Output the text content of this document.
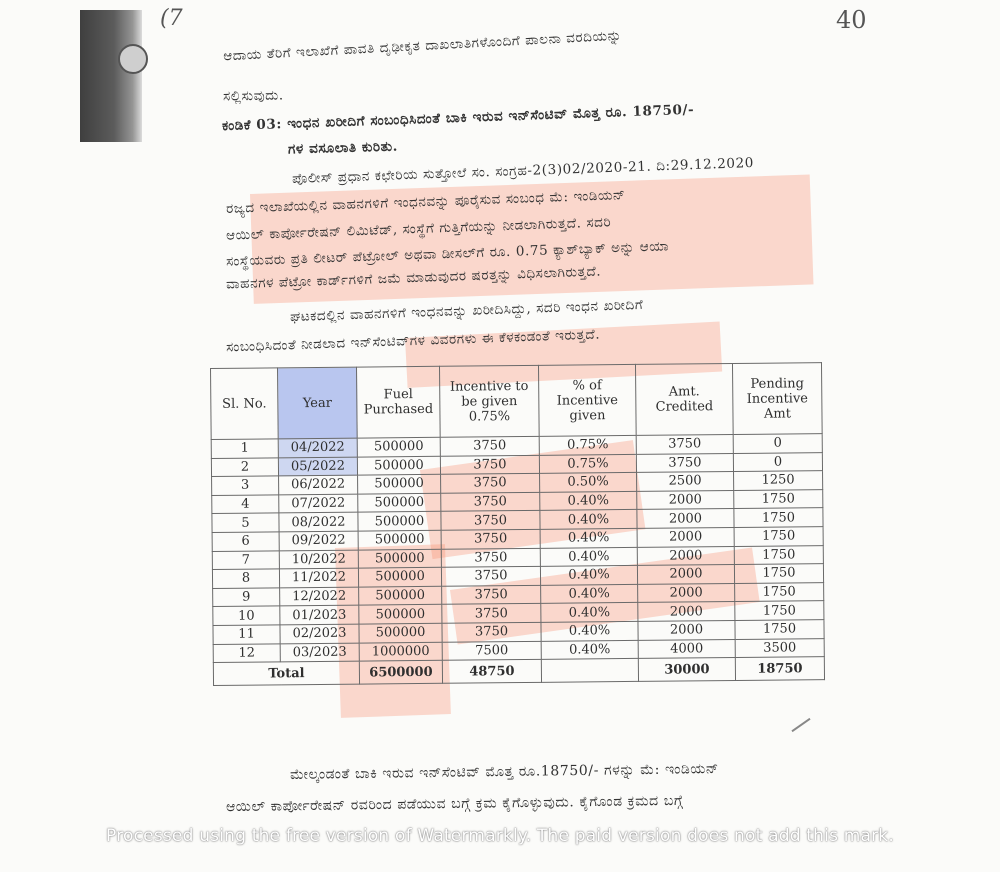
(7	40
ಆದಾಯ ತೆರಿಗೆ ಇಲಾಖೆಗೆ ಪಾವತಿ ದೃಢೀಕೃತ ದಾಖಲಾತಿಗಳೊಂದಿಗೆ ಪಾಲನಾ ವರದಿಯನ್ನು
ಸಲ್ಲಿಸುವುದು.
ಕಂಡಿಕೆ 03: ಇಂಧನ ಖರೀದಿಗೆ ಸಂಬಂಧಿಸಿದಂತೆ ಬಾಕಿ ಇರುವ ಇನ್‌ಸೆಂಟಿವ್ ಮೊತ್ತ ರೂ. 18750/-
ಗಳ ವಸೂಲಾತಿ ಕುರಿತು.
ಪೊಲೀಸ್ ಪ್ರಧಾನ ಕಛೇರಿಯ ಸುತ್ತೋಲೆ ಸಂ. ಸಂಗ್ರಹ-2(3)02/2020-21. ದಿ:29.12.2020
ರಜ್ಯದ ಇಲಾಖೆಯಲ್ಲಿನ ವಾಹನಗಳಿಗೆ ಇಂಧನವನ್ನು ಪೂರೈಸುವ ಸಂಬಂಧ ಮೆ: ಇಂಡಿಯನ್
ಆಯಿಲ್ ಕಾರ್ಪೋರೇಷನ್ ಲಿಮಿಟೆಡ್, ಸಂಸ್ಥೆಗೆ ಗುತ್ತಿಗೆಯನ್ನು ನೀಡಲಾಗಿರುತ್ತದೆ. ಸದರಿ
ಸಂಸ್ಥೆಯವರು ಪ್ರತಿ ಲೀಟರ್ ಪೆಟ್ರೋಲ್ ಅಥವಾ ಡೀಸಲ್‌ಗೆ ರೂ. 0.75 ಕ್ಯಾಶ್‌ಬ್ಯಾಕ್ ಅನ್ನು ಆಯಾ
ವಾಹನಗಳ ಪೆಟ್ರೋ ಕಾರ್ಡ್‌ಗಳಿಗೆ ಜಮೆ ಮಾಡುವುದರ ಷರತ್ತನ್ನು ವಿಧಿಸಲಾಗಿರುತ್ತದೆ.
ಘಟಕದಲ್ಲಿನ ವಾಹನಗಳಿಗೆ ಇಂಧನವನ್ನು ಖರೀದಿಸಿದ್ದು, ಸದರಿ ಇಂಧನ ಖರೀದಿಗೆ
ಸಂಬಂಧಿಸಿದಂತೆ ನೀಡಲಾದ ಇನ್‌ಸೆಂಟಿವ್‌ಗಳ ವಿವರಗಳು ಈ ಕೆಳಕಂಡಂತೆ ಇರುತ್ತದೆ.
Sl. No.	Year	Fuel Purchased	Incentive to be given 0.75%	% of Incentive given	Amt. Credited	Pending Incentive Amt
1	04/2022	500000	3750	0.75%	3750	0
2	05/2022	500000	3750	0.75%	3750	0
3	06/2022	500000	3750	0.50%	2500	1250
4	07/2022	500000	3750	0.40%	2000	1750
5	08/2022	500000	3750	0.40%	2000	1750
6	09/2022	500000	3750	0.40%	2000	1750
7	10/2022	500000	3750	0.40%	2000	1750
8	11/2022	500000	3750	0.40%	2000	1750
9	12/2022	500000	3750	0.40%	2000	1750
10	01/2023	500000	3750	0.40%	2000	1750
11	02/2023	500000	3750	0.40%	2000	1750
12	03/2023	1000000	7500	0.40%	4000	3500
Total		6500000	48750		30000	18750
ಮೇಲ್ಕಂಡಂತೆ ಬಾಕಿ ಇರುವ ಇನ್‌ಸೆಂಟಿವ್ ಮೊತ್ತ ರೂ.18750/- ಗಳನ್ನು ಮೆ: ಇಂಡಿಯನ್
ಆಯಿಲ್ ಕಾರ್ಪೋರೇಷನ್ ರವರಿಂದ ಪಡೆಯುವ ಬಗ್ಗೆ ಕ್ರಮ ಕೈಗೊಳ್ಳುವುದು. ಕೈಗೊಂಡ ಕ್ರಮದ ಬಗ್ಗೆ
Processed using the free version of Watermarkly. The paid version does not add this mark.
